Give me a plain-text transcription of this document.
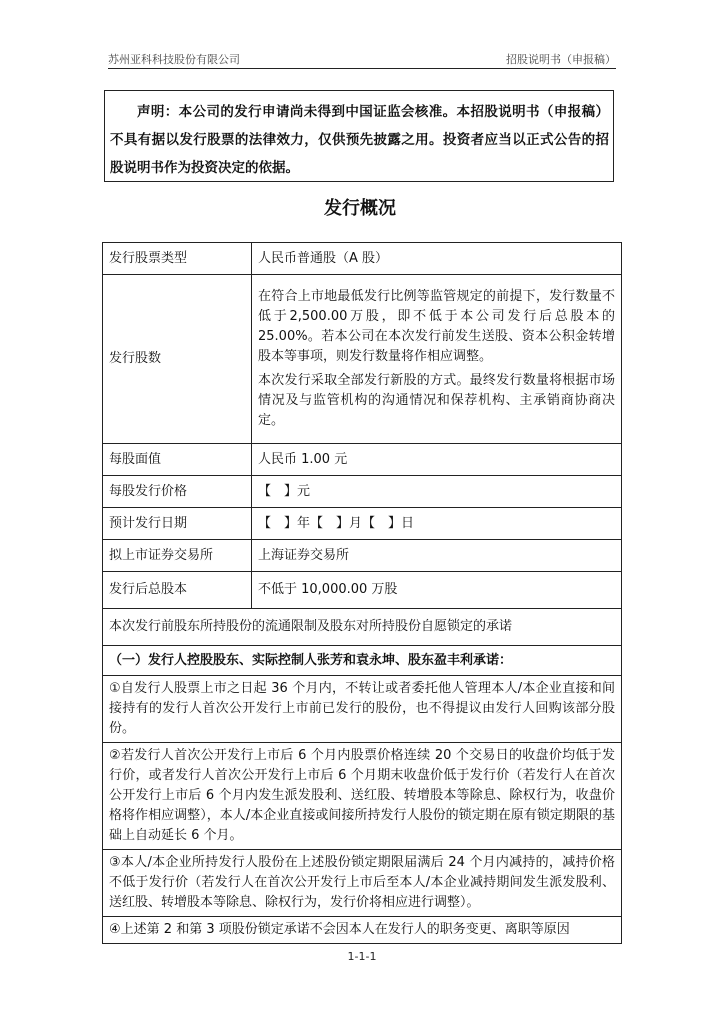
苏州亚科科技股份有限公司	招股说明书（申报稿）

声明：本公司的发行申请尚未得到中国证监会核准。本招股说明书（申报稿）不具有据以发行股票的法律效力，仅供预先披露之用。投资者应当以正式公告的招股说明书作为投资决定的依据。

发行概况
发行股票类型	人民币普通股（A 股）
发行股数	在符合上市地最低发行比例等监管规定的前提下，发行数量不低于2,500.00万股，即不低于本公司发行后总股本的25.00%。若本公司在本次发行前发生送股、资本公积金转增股本等事项，则发行数量将作相应调整。

本次发行采取全部发行新股的方式。最终发行数量将根据市场情况及与监管机构的沟通情况和保荐机构、主承销商协商决定。

每股面值	人民币 1.00 元
每股发行价格	【　】元
预计发行日期	【　】年【　】月【　】日
拟上市证券交易所	上海证券交易所
发行后总股本	不低于 10,000.00 万股
本次发行前股东所持股份的流通限制及股东对所持股份自愿锁定的承诺	
（一）发行人控股股东、实际控制人张芳和袁永坤、股东盈丰利承诺：	
①自发行人股票上市之日起 36 个月内，不转让或者委托他人管理本人/本企业直接和间接持有的发行人首次公开发行上市前已发行的股份，也不得提议由发行人回购该部分股份。	
②若发行人首次公开发行上市后 6 个月内股票价格连续 20 个交易日的收盘价均低于发行价，或者发行人首次公开发行上市后 6 个月期末收盘价低于发行价（若发行人在首次公开发行上市后 6 个月内发生派发股利、送红股、转增股本等除息、除权行为，收盘价格将作相应调整），本人/本企业直接或间接所持发行人股份的锁定期在原有锁定期限的基础上自动延长 6 个月。	
③本人/本企业所持发行人股份在上述股份锁定期限届满后 24 个月内减持的，减持价格不低于发行价（若发行人在首次公开发行上市后至本人/本企业减持期间发生派发股利、送红股、转增股本等除息、除权行为，发行价将相应进行调整）。	
④上述第 2 和第 3 项股份锁定承诺不会因本人在发行人的职务变更、离职等原因	
1-1-1
